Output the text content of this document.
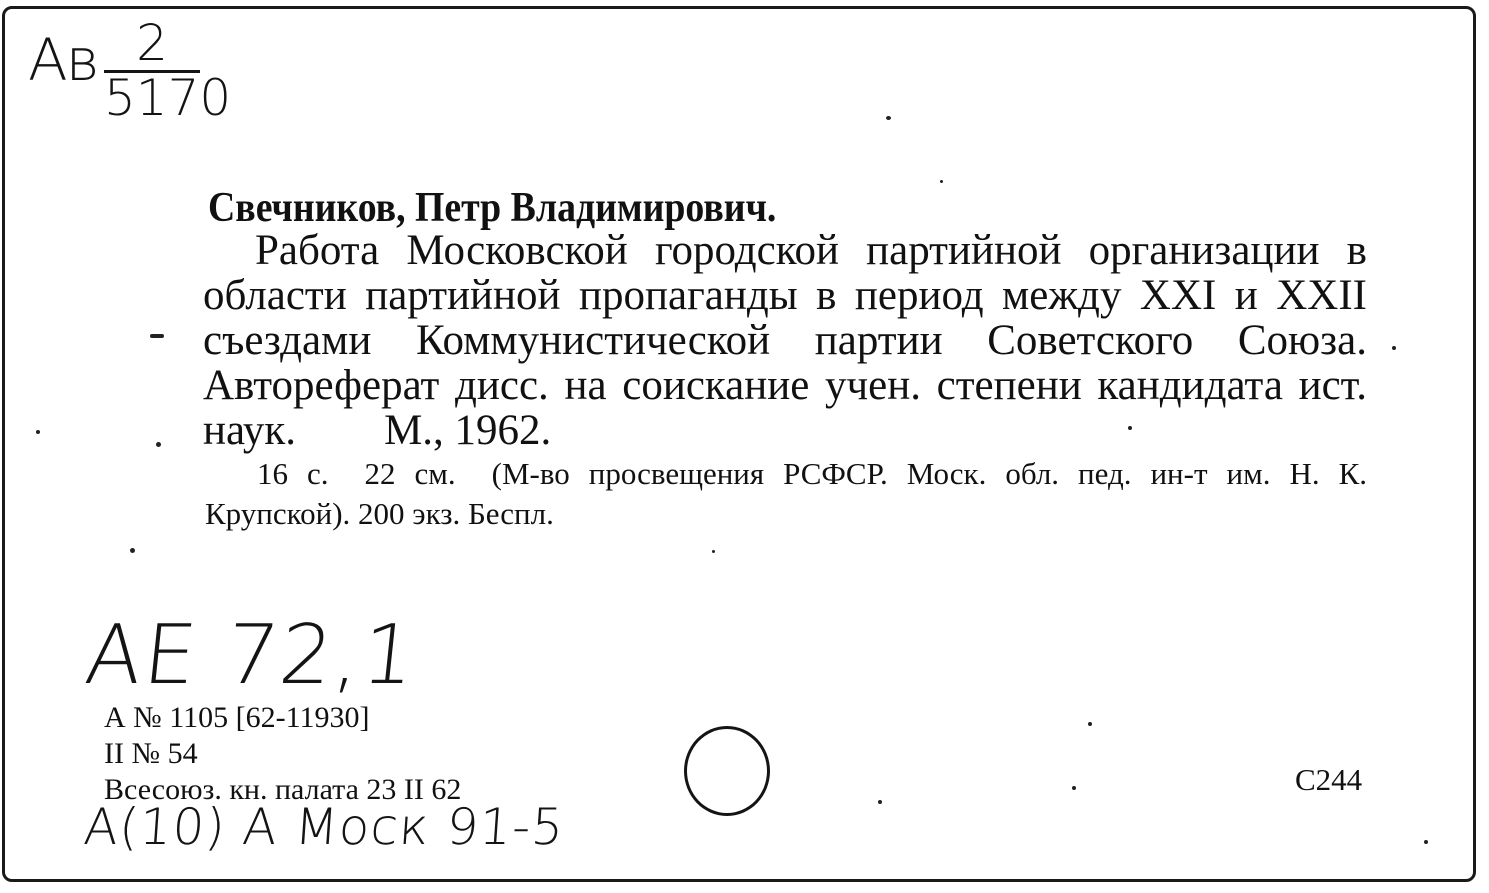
Ав 2
5170
Свечников, Петр Владимирович.
Работа Московской городской партийной организации в области партийной пропаганды в период между XXI и XXII съездами Коммунистической партии Советского Союза. Автореферат дисс. на соискание учен. степени кандидата ист. наук. М., 1962.
16 с. 22 см. (М-во просвещения РСФСР. Моск. обл. пед. ин-т им. Н. К. Крупской). 200 экз. Беспл.
АЕ 72,1
А № 1105 [62-11930]
II № 54
Всесоюз. кн. палата 23 II 62	С244
А(10) А Моск 91-5
